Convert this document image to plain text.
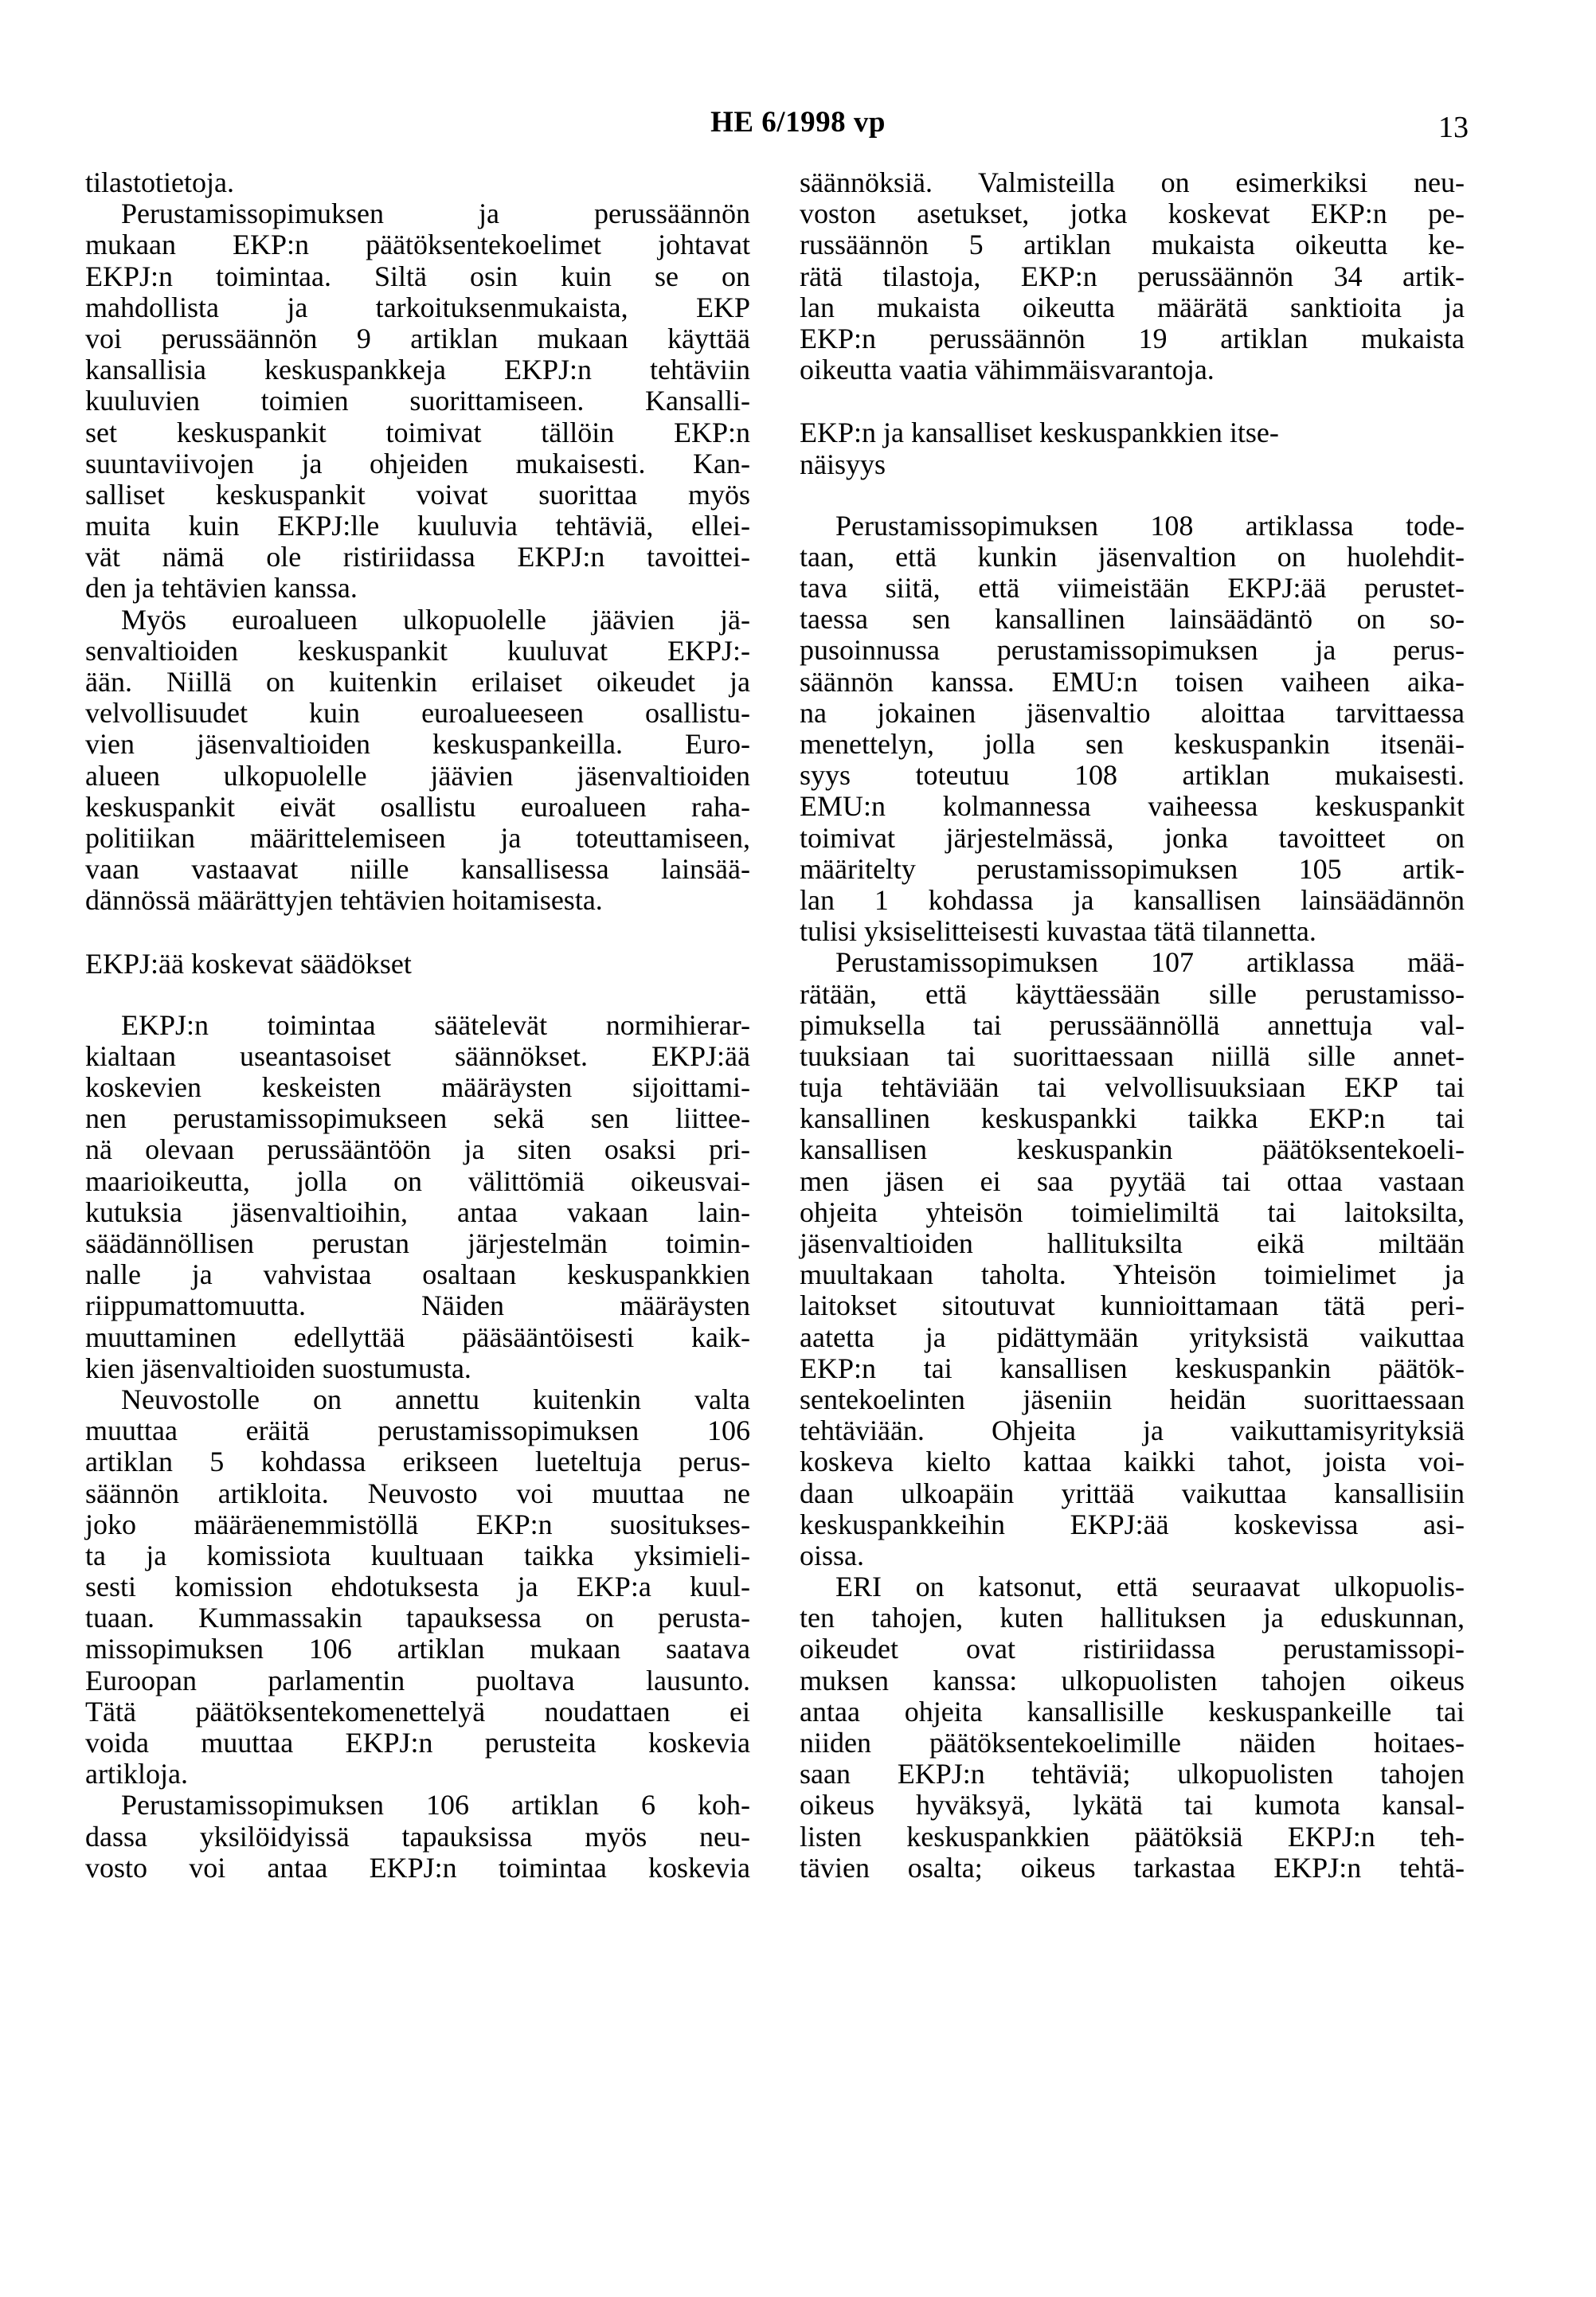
HE 6/1998 vp	13
tilastotietoja.
Perustamissopimuksen ja perussäännön
mukaan EKP:n päätöksentekoelimet johtavat
EKPJ:n toimintaa. Siltä osin kuin se on
mahdollista ja tarkoituksenmukaista, EKP
voi perussäännön 9 artiklan mukaan käyttää
kansallisia keskuspankkeja EKPJ:n tehtäviin
kuuluvien toimien suorittamiseen. Kansalli-
set keskuspankit toimivat tällöin EKP:n
suuntaviivojen ja ohjeiden mukaisesti. Kan-
salliset keskuspankit voivat suorittaa myös
muita kuin EKPJ:lle kuuluvia tehtäviä, ellei-
vät nämä ole ristiriidassa EKPJ:n tavoittei-
den ja tehtävien kanssa.
Myös euroalueen ulkopuolelle jäävien jä-
senvaltioiden keskuspankit kuuluvat EKPJ:-
ään. Niillä on kuitenkin erilaiset oikeudet ja
velvollisuudet kuin euroalueeseen osallistu-
vien jäsenvaltioiden keskuspankeilla. Euro-
alueen ulkopuolelle jäävien jäsenvaltioiden
keskuspankit eivät osallistu euroalueen raha-
politiikan määrittelemiseen ja toteuttamiseen,
vaan vastaavat niille kansallisessa lainsää-
dännössä määrättyjen tehtävien hoitamisesta.
EKPJ:ää koskevat säädökset
EKPJ:n toimintaa säätelevät normihierar-
kialtaan useantasoiset säännökset. EKPJ:ää
koskevien keskeisten määräysten sijoittami-
nen perustamissopimukseen sekä sen liittee-
nä olevaan perussääntöön ja siten osaksi pri-
maarioikeutta, jolla on välittömiä oikeusvai-
kutuksia jäsenvaltioihin, antaa vakaan lain-
säädännöllisen perustan järjestelmän toimin-
nalle ja vahvistaa osaltaan keskuspankkien
riippumattomuutta. Näiden määräysten
muuttaminen edellyttää pääsääntöisesti kaik-
kien jäsenvaltioiden suostumusta.
Neuvostolle on annettu kuitenkin valta
muuttaa eräitä perustamissopimuksen 106
artiklan 5 kohdassa erikseen lueteltuja perus-
säännön artikloita. Neuvosto voi muuttaa ne
joko määräenemmistöllä EKP:n suositukses-
ta ja komissiota kuultuaan taikka yksimieli-
sesti komission ehdotuksesta ja EKP:a kuul-
tuaan. Kummassakin tapauksessa on perusta-
missopimuksen 106 artiklan mukaan saatava
Euroopan parlamentin puoltava lausunto.
Tätä päätöksentekomenettelyä noudattaen ei
voida muuttaa EKPJ:n perusteita koskevia
artikloja.
Perustamissopimuksen 106 artiklan 6 koh-
dassa yksilöidyissä tapauksissa myös neu-
vosto voi antaa EKPJ:n toimintaa koskevia
säännöksiä. Valmisteilla on esimerkiksi neu-
voston asetukset, jotka koskevat EKP:n pe-
russäännön 5 artiklan mukaista oikeutta ke-
rätä tilastoja, EKP:n perussäännön 34 artik-
lan mukaista oikeutta määrätä sanktioita ja
EKP:n perussäännön 19 artiklan mukaista
oikeutta vaatia vähimmäisvarantoja.
EKP:n ja kansalliset keskuspankkien itse-
näisyys
Perustamissopimuksen 108 artiklassa tode-
taan, että kunkin jäsenvaltion on huolehdit-
tava siitä, että viimeistään EKPJ:ää perustet-
taessa sen kansallinen lainsäädäntö on so-
pusoinnussa perustamissopimuksen ja perus-
säännön kanssa. EMU:n toisen vaiheen aika-
na jokainen jäsenvaltio aloittaa tarvittaessa
menettelyn, jolla sen keskuspankin itsenäi-
syys toteutuu 108 artiklan mukaisesti.
EMU:n kolmannessa vaiheessa keskuspankit
toimivat järjestelmässä, jonka tavoitteet on
määritelty perustamissopimuksen 105 artik-
lan 1 kohdassa ja kansallisen lainsäädännön
tulisi yksiselitteisesti kuvastaa tätä tilannetta.
Perustamissopimuksen 107 artiklassa mää-
rätään, että käyttäessään sille perustamisso-
pimuksella tai perussäännöllä annettuja val-
tuuksiaan tai suorittaessaan niillä sille annet-
tuja tehtäviään tai velvollisuuksiaan EKP tai
kansallinen keskuspankki taikka EKP:n tai
kansallisen keskuspankin päätöksentekoeli-
men jäsen ei saa pyytää tai ottaa vastaan
ohjeita yhteisön toimielimiltä tai laitoksilta,
jäsenvaltioiden hallituksilta eikä miltään
muultakaan taholta. Yhteisön toimielimet ja
laitokset sitoutuvat kunnioittamaan tätä peri-
aatetta ja pidättymään yrityksistä vaikuttaa
EKP:n tai kansallisen keskuspankin päätök-
sentekoelinten jäseniin heidän suorittaessaan
tehtäviään. Ohjeita ja vaikuttamisyrityksiä
koskeva kielto kattaa kaikki tahot, joista voi-
daan ulkoapäin yrittää vaikuttaa kansallisiin
keskuspankkeihin EKPJ:ää koskevissa asi-
oissa.
ERI on katsonut, että seuraavat ulkopuolis-
ten tahojen, kuten hallituksen ja eduskunnan,
oikeudet ovat ristiriidassa perustamissopi-
muksen kanssa: ulkopuolisten tahojen oikeus
antaa ohjeita kansallisille keskuspankeille tai
niiden päätöksentekoelimille näiden hoitaes-
saan EKPJ:n tehtäviä; ulkopuolisten tahojen
oikeus hyväksyä, lykätä tai kumota kansal-
listen keskuspankkien päätöksiä EKPJ:n teh-
tävien osalta; oikeus tarkastaa EKPJ:n tehtä-
